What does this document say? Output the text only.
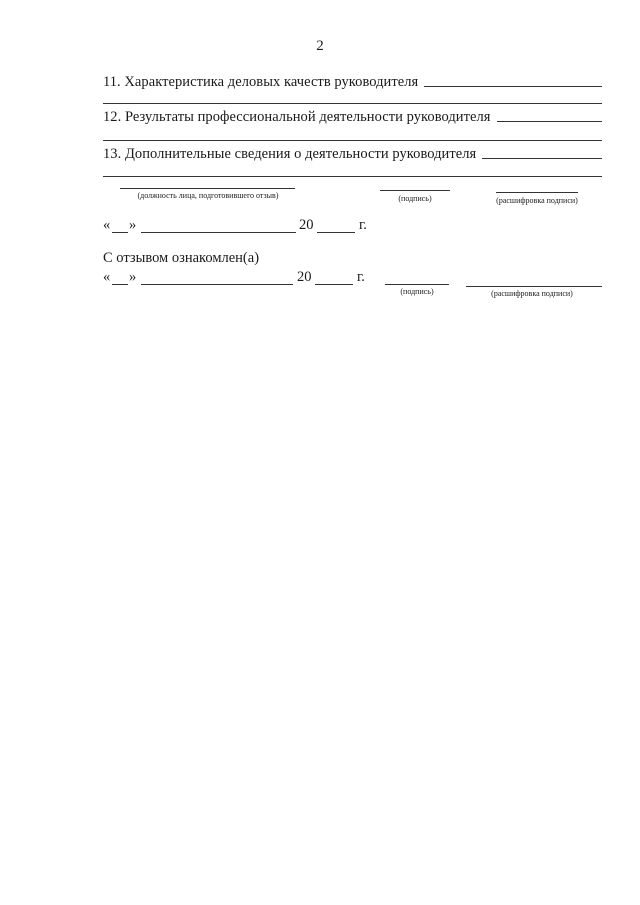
2
11. Характеристика деловых качеств руководителя
12. Результаты профессиональной деятельности руководителя
13. Дополнительные сведения о деятельности руководителя
(должность лица, подготовившего отзыв)	(подпись)	(расшифровка подписи)
« »	20	г.
С отзывом ознакомлен(а)
« »	20	г.
(подпись)	(расшифровка подписи)
